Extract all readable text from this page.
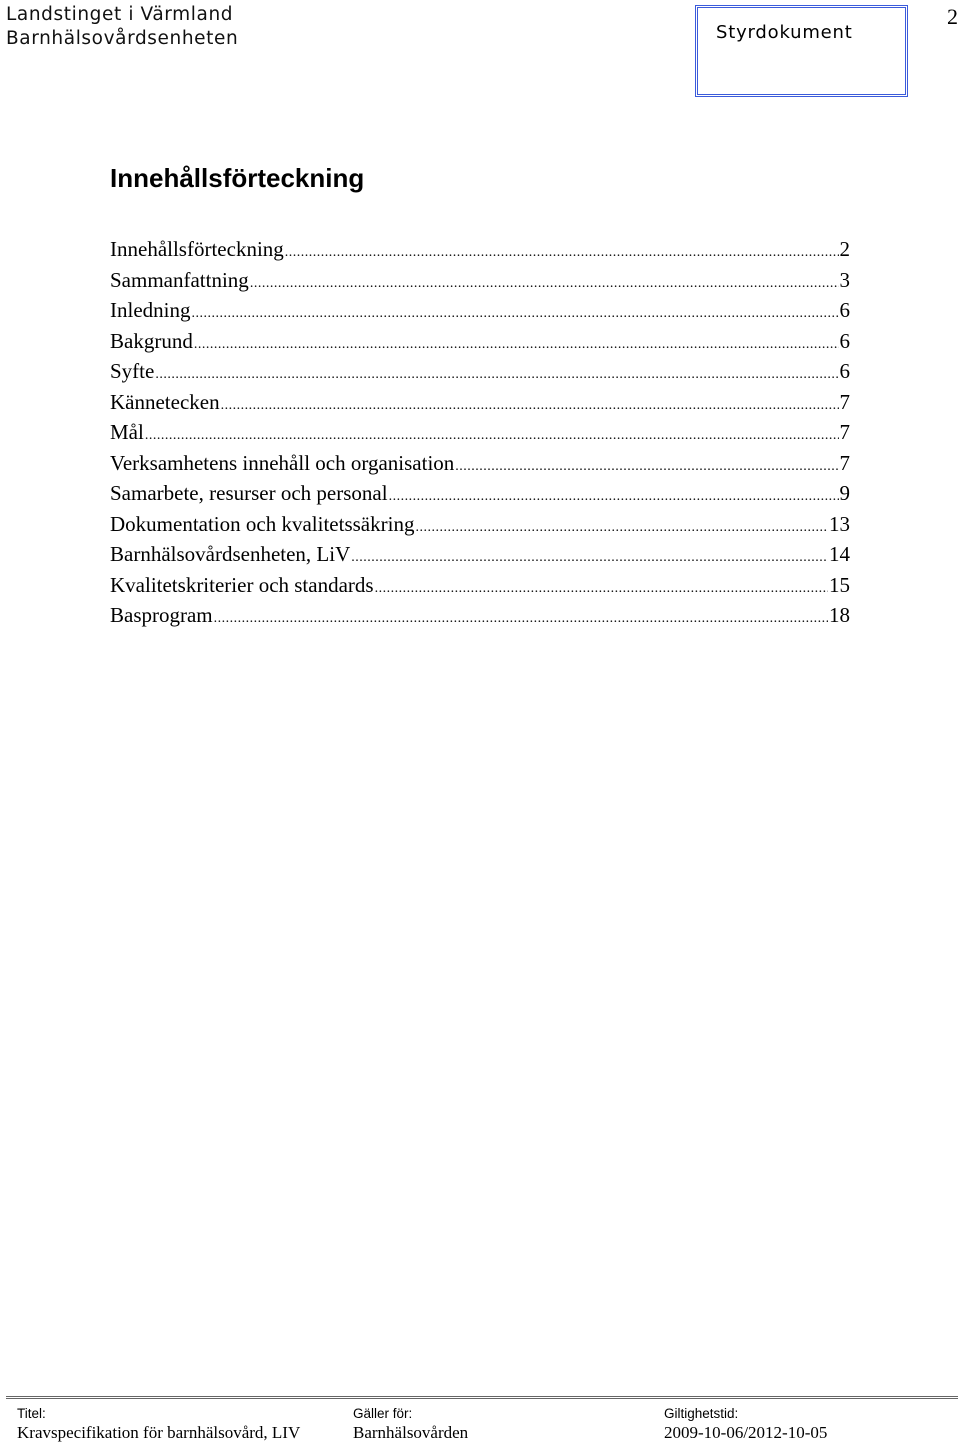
Landstinget i Värmland
Barnhälsovårdsenheten	Styrdokument
2
Innehållsförteckning
Innehållsförteckning .....	2
Sammanfattning .....	3
Inledning .....	6
Bakgrund .....	6
Syfte .....	6
Kännetecken .....	7
Mål .....	7
Verksamhetens innehåll och organisation .....	7
Samarbete, resurser och personal .....	9
Dokumentation och kvalitetssäkring .....	13
Barnhälsovårdsenheten, LiV .....	14
Kvalitetskriterier och standards .....	15
Basprogram .....	18
Titel:
Kravspecifikation för barnhälsovård, LIV
Gäller för:
Barnhälsovården
Giltighetstid:
2009-10-06/2012-10-05
